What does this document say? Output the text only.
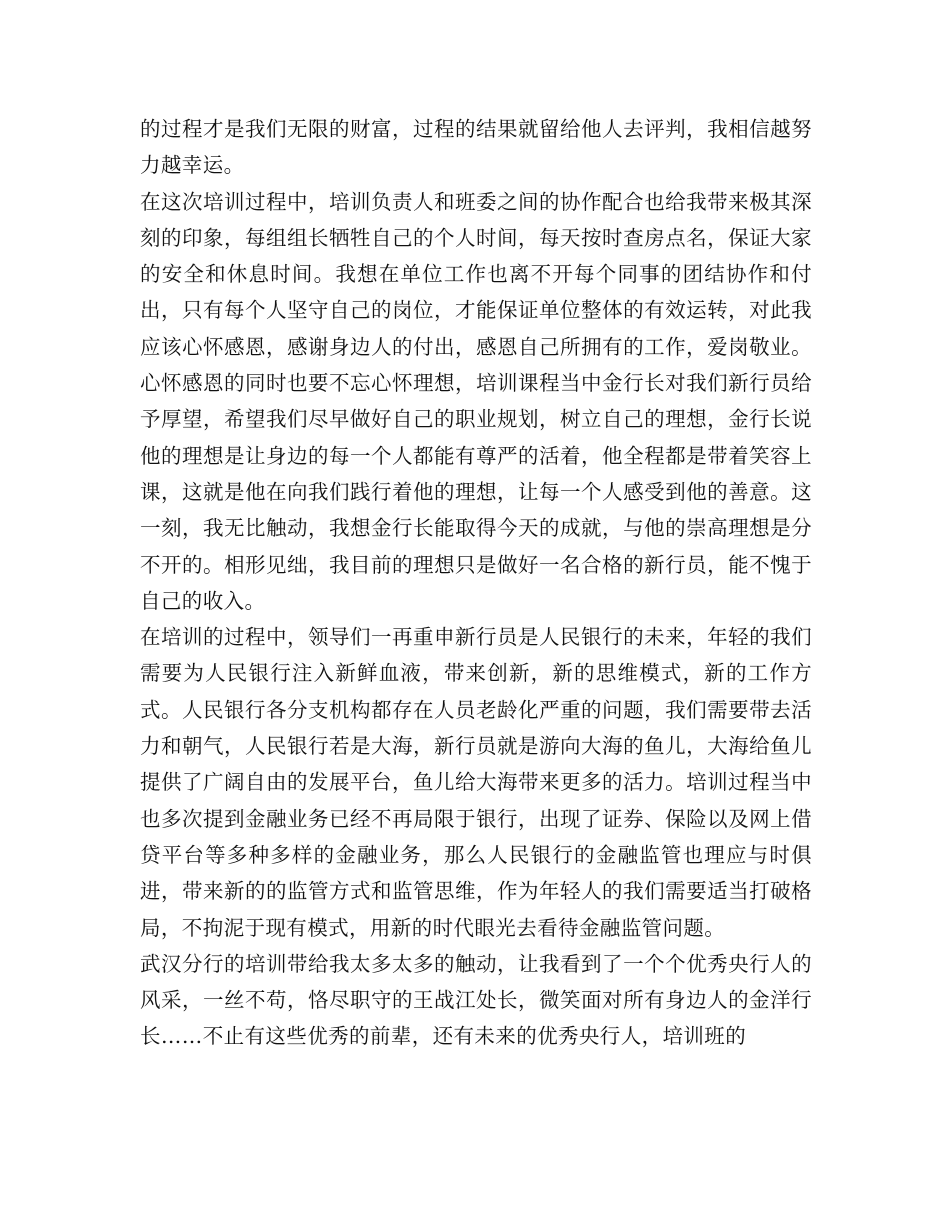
的过程才是我们无限的财富，过程的结果就留给他人去评判，我相信越努力越幸运。

在这次培训过程中，培训负责人和班委之间的协作配合也给我带来极其深刻的印象，每组组长牺牲自己的个人时间，每天按时查房点名，保证大家的安全和休息时间。我想在单位工作也离不开每个同事的团结协作和付出，只有每个人坚守自己的岗位，才能保证单位整体的有效运转，对此我应该心怀感恩，感谢身边人的付出，感恩自己所拥有的工作，爱岗敬业。心怀感恩的同时也要不忘心怀理想，培训课程当中金行长对我们新行员给予厚望，希望我们尽早做好自己的职业规划，树立自己的理想，金行长说他的理想是让身边的每一个人都能有尊严的活着，他全程都是带着笑容上课，这就是他在向我们践行着他的理想，让每一个人感受到他的善意。这一刻，我无比触动，我想金行长能取得今天的成就，与他的崇高理想是分不开的。相形见绌，我目前的理想只是做好一名合格的新行员，能不愧于自己的收入。

在培训的过程中，领导们一再重申新行员是人民银行的未来，年轻的我们需要为人民银行注入新鲜血液，带来创新，新的思维模式，新的工作方式。人民银行各分支机构都存在人员老龄化严重的问题，我们需要带去活力和朝气，人民银行若是大海，新行员就是游向大海的鱼儿，大海给鱼儿提供了广阔自由的发展平台，鱼儿给大海带来更多的活力。培训过程当中也多次提到金融业务已经不再局限于银行，出现了证券、保险以及网上借贷平台等多种多样的金融业务，那么人民银行的金融监管也理应与时俱进，带来新的的监管方式和监管思维，作为年轻人的我们需要适当打破格局，不拘泥于现有模式，用新的时代眼光去看待金融监管问题。

武汉分行的培训带给我太多太多的触动，让我看到了一个个优秀央行人的风采，一丝不苟，恪尽职守的王战江处长，微笑面对所有身边人的金洋行长……不止有这些优秀的前辈，还有未来的优秀央行人，培训班的
